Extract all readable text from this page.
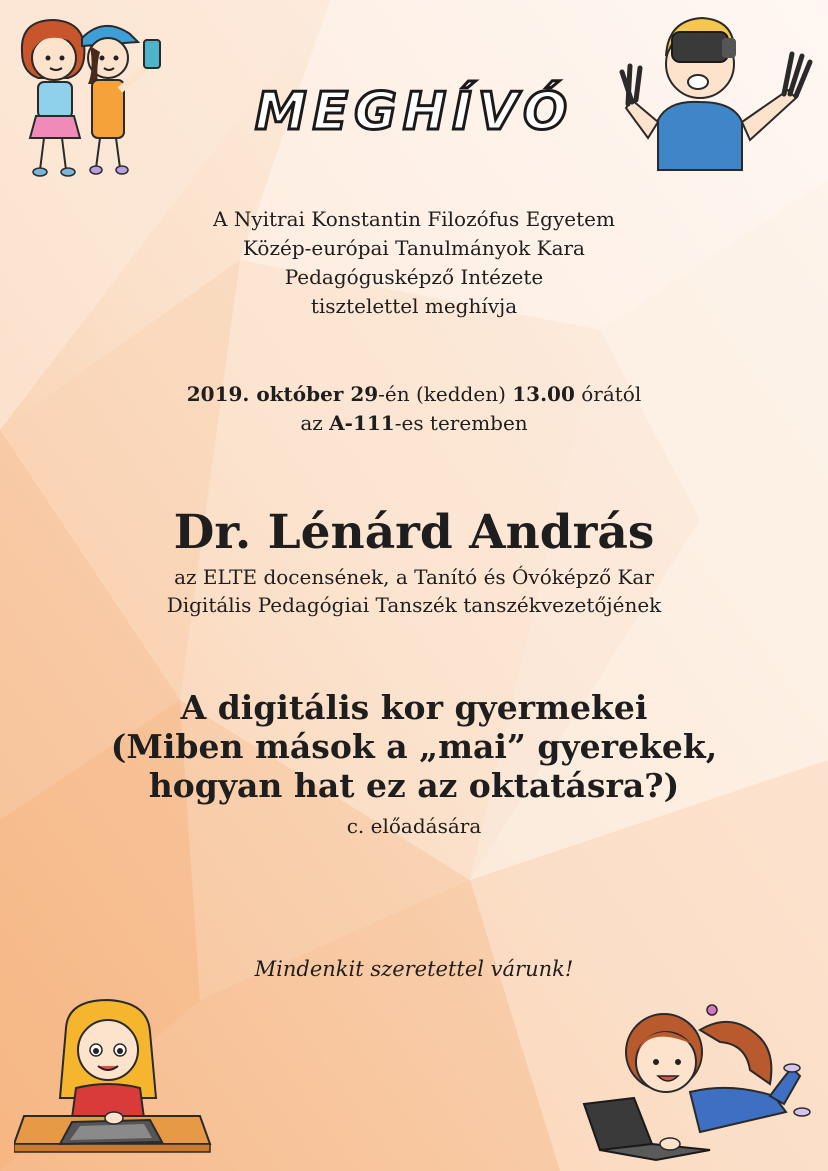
MEGHÍVÓ
A Nyitrai Konstantin Filozófus Egyetem
Közép-európai Tanulmányok Kara
Pedagógusképző Intézete
tisztelettel meghívja
2019. október 29-én (kedden) 13.00 órától
az A-111-es teremben
Dr. Lénárd András
az ELTE docensének, a Tanító és Óvóképző Kar
Digitális Pedagógiai Tanszék tanszékvezetőjének
A digitális kor gyermekei
(Miben mások a „mai” gyerekek,
hogyan hat ez az oktatásra?)
c. előadására
Mindenkit szeretettel várunk!
